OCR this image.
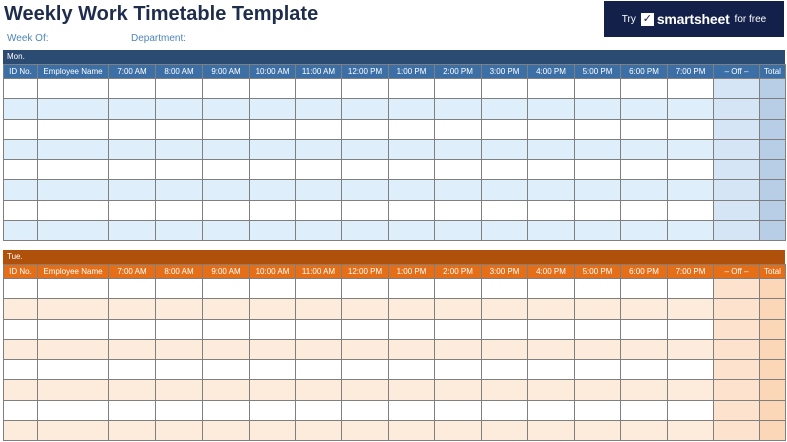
Weekly Work Timetable Template
Week Of:	Department:
Try ✓ smartsheet for free
Mon.
ID No.	Employee Name	7:00 AM	8:00 AM	9:00 AM	10:00 AM	11:00 AM	12:00 PM	1:00 PM	2:00 PM	3:00 PM	4:00 PM	5:00 PM	6:00 PM	7:00 PM	– Off –	Total

Tue.
ID No.	Employee Name	7:00 AM	8:00 AM	9:00 AM	10:00 AM	11:00 AM	12:00 PM	1:00 PM	2:00 PM	3:00 PM	4:00 PM	5:00 PM	6:00 PM	7:00 PM	– Off –	Total
